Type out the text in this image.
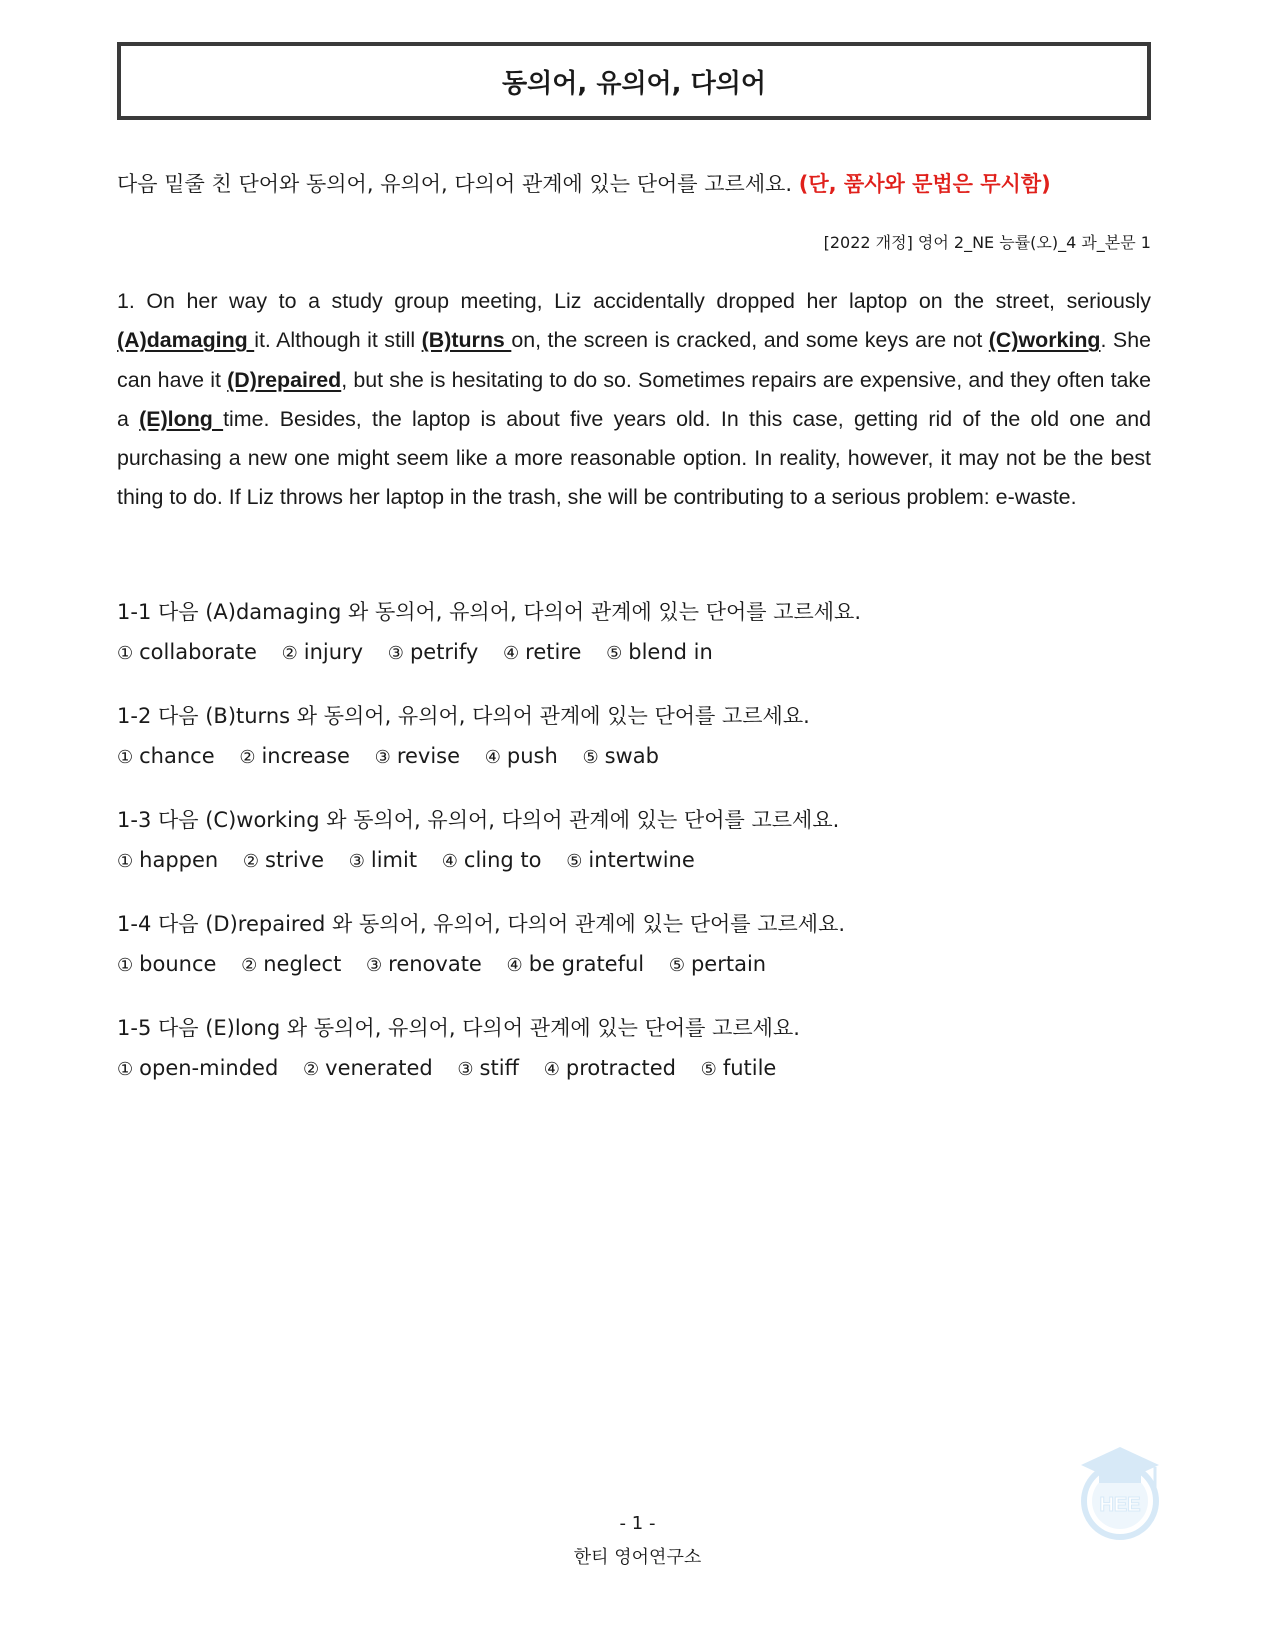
동의어, 유의어, 다의어
다음 밑줄 친 단어와 동의어, 유의어, 다의어 관계에 있는 단어를 고르세요. (단, 품사와 문법은 무시함)
[2022 개정] 영어 2_NE 능률(오)_4 과_본문 1
1. On her way to a study group meeting, Liz accidentally dropped her laptop on the street, seriously (A)damaging it. Although it still (B)turns on, the screen is cracked, and some keys are not (C)working. She can have it (D)repaired, but she is hesitating to do so. Sometimes repairs are expensive, and they often take a (E)long time. Besides, the laptop is about five years old. In this case, getting rid of the old one and purchasing a new one might seem like a more reasonable option. In reality, however, it may not be the best thing to do. If Liz throws her laptop in the trash, she will be contributing to a serious problem: e-waste.
1-1 다음 (A)damaging 와 동의어, 유의어, 다의어 관계에 있는 단어를 고르세요.
① collaborate ② injury ③ petrify ④ retire ⑤ blend in
1-2 다음 (B)turns 와 동의어, 유의어, 다의어 관계에 있는 단어를 고르세요.
① chance ② increase ③ revise ④ push ⑤ swab
1-3 다음 (C)working 와 동의어, 유의어, 다의어 관계에 있는 단어를 고르세요.
① happen ② strive ③ limit ④ cling to ⑤ intertwine
1-4 다음 (D)repaired 와 동의어, 유의어, 다의어 관계에 있는 단어를 고르세요.
① bounce ② neglect ③ renovate ④ be grateful ⑤ pertain
1-5 다음 (E)long 와 동의어, 유의어, 다의어 관계에 있는 단어를 고르세요.
① open-minded ② venerated ③ stiff ④ protracted ⑤ futile
HEE
- 1 -
한티 영어연구소
